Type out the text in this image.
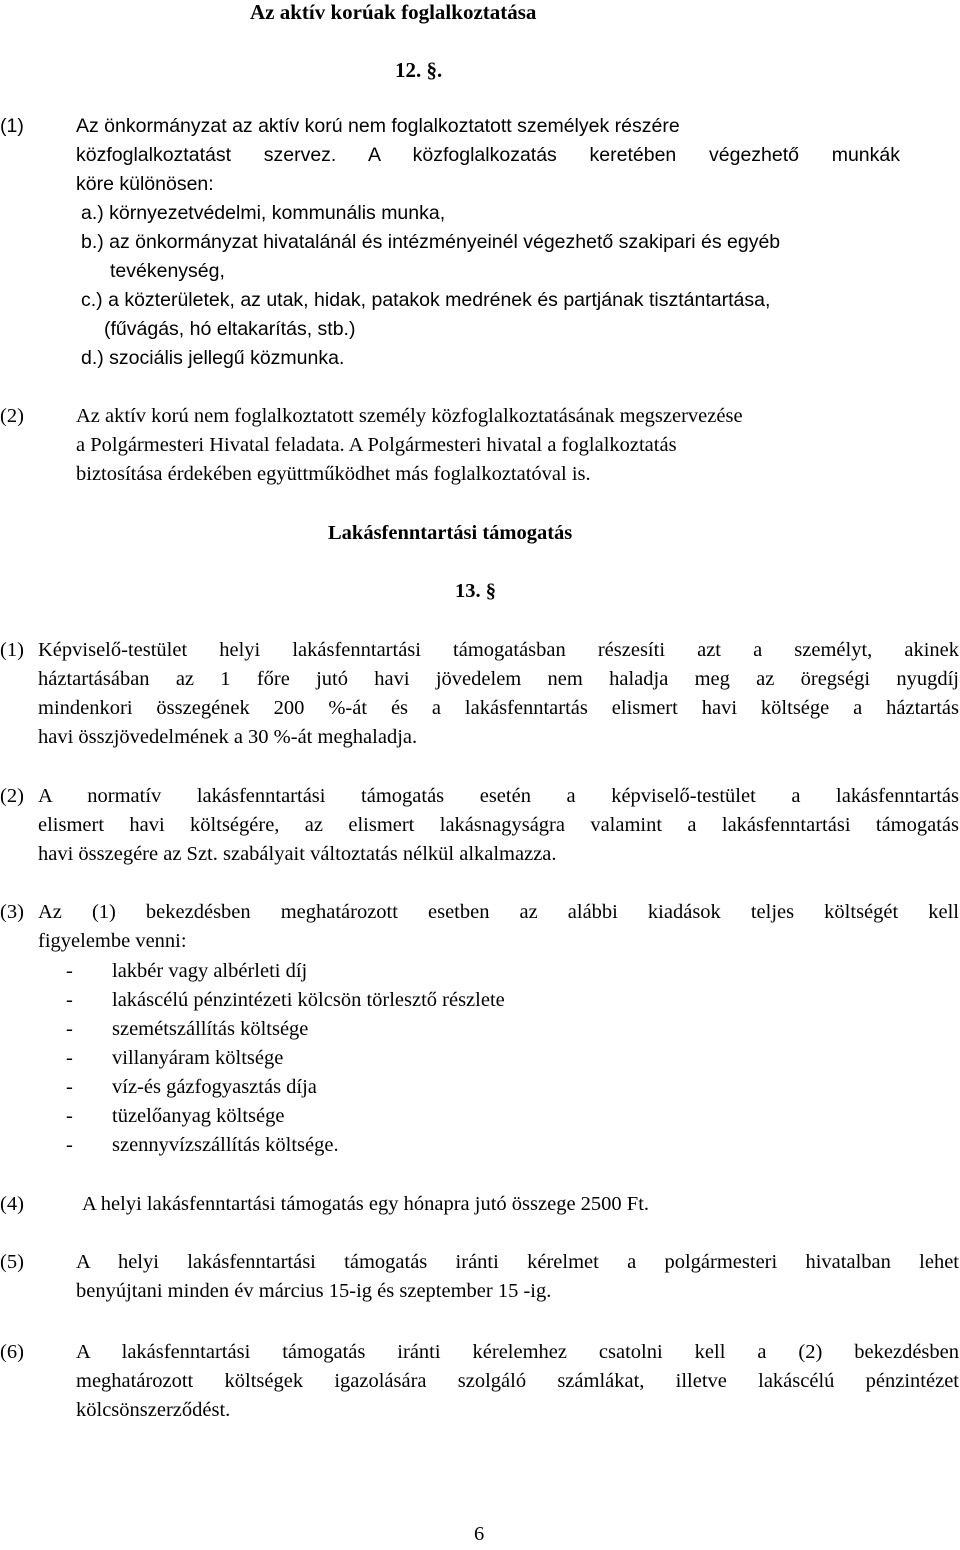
Az aktív korúak foglalkoztatása
12. §.
(1)	Az önkormányzat az aktív korú nem foglalkoztatott személyek részére
közfoglalkoztatást szervez. A közfoglalkozatás keretében végezhető munkák
köre különösen:
a.) környezetvédelmi, kommunális munka,
b.) az önkormányzat hivatalánál és intézményeinél végezhető szakipari és egyéb
tevékenység,
c.) a közterületek, az utak, hidak, patakok medrének és partjának tisztántartása,
(fűvágás, hó eltakarítás, stb.)
d.) szociális jellegű közmunka.
(2)	Az aktív korú nem foglalkoztatott személy közfoglalkoztatásának megszervezése
a Polgármesteri Hivatal feladata. A Polgármesteri hivatal a foglalkoztatás
biztosítása érdekében együttműködhet más foglalkoztatóval is.
Lakásfenntartási támogatás
13. §
(1) Képviselő-testület helyi lakásfenntartási támogatásban részesíti azt a személyt, akinek
háztartásában az 1 főre jutó havi jövedelem nem haladja meg az öregségi nyugdíj
mindenkori összegének 200 %-át és a lakásfenntartás elismert havi költsége a háztartás
havi összjövedelmének a 30 %-át meghaladja.
(2) A normatív lakásfenntartási támogatás esetén a képviselő-testület a lakásfenntartás
elismert havi költségére, az elismert lakásnagyságra valamint a lakásfenntartási támogatás
havi összegére az Szt. szabályait változtatás nélkül alkalmazza.
(3) Az (1) bekezdésben meghatározott esetben az alábbi kiadások teljes költségét kell
figyelembe venni:
- lakbér vagy albérleti díj
- lakáscélú pénzintézeti kölcsön törlesztő részlete
- szemétszállítás költsége
- villanyáram költsége
- víz-és gázfogyasztás díja
- tüzelőanyag költsége
- szennyvízszállítás költsége.
(4)	A helyi lakásfenntartási támogatás egy hónapra jutó összege 2500 Ft.
(5)	A helyi lakásfenntartási támogatás iránti kérelmet a polgármesteri hivatalban lehet
benyújtani minden év március 15-ig és szeptember 15 -ig.
(6)	A lakásfenntartási támogatás iránti kérelemhez csatolni kell a (2) bekezdésben
meghatározott költségek igazolására szolgáló számlákat, illetve lakáscélú pénzintézet
kölcsönszerződést.
6
